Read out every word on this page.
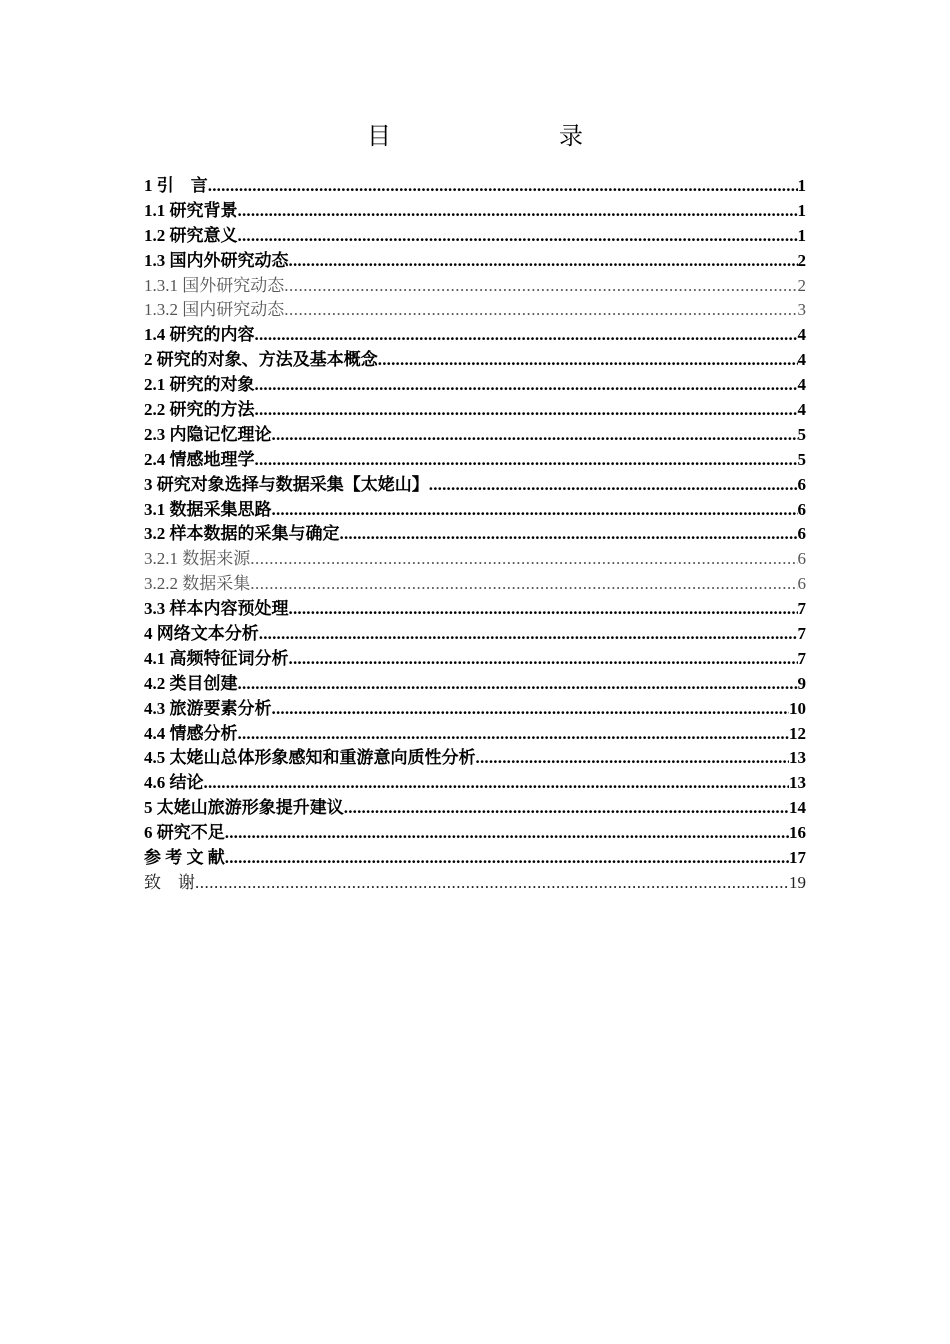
目　　录
1 引　言 .....	1
1.1 研究背景 .....	1
1.2 研究意义 .....	1
1.3 国内外研究动态 .....	2
1.3.1 国外研究动态 .....	2
1.3.2 国内研究动态 .....	3
1.4 研究的内容 .....	4
2 研究的对象、方法及基本概念 .....	4
2.1 研究的对象 .....	4
2.2 研究的方法 .....	4
2.3 内隐记忆理论 .....	5
2.4 情感地理学 .....	5
3 研究对象选择与数据采集【太姥山】 .....	6
3.1 数据采集思路 .....	6
3.2 样本数据的采集与确定 .....	6
3.2.1 数据来源 .....	6
3.2.2 数据采集 .....	6
3.3 样本内容预处理 .....	7
4 网络文本分析 .....	7
4.1 高频特征词分析 .....	7
4.2 类目创建 .....	9
4.3 旅游要素分析 .....	10
4.4 情感分析 .....	12
4.5 太姥山总体形象感知和重游意向质性分析 .....	13
4.6 结论 .....	13
5 太姥山旅游形象提升建议 .....	14
6 研究不足 .....	16
参 考 文 献 .....	17
致　谢 .....	19
